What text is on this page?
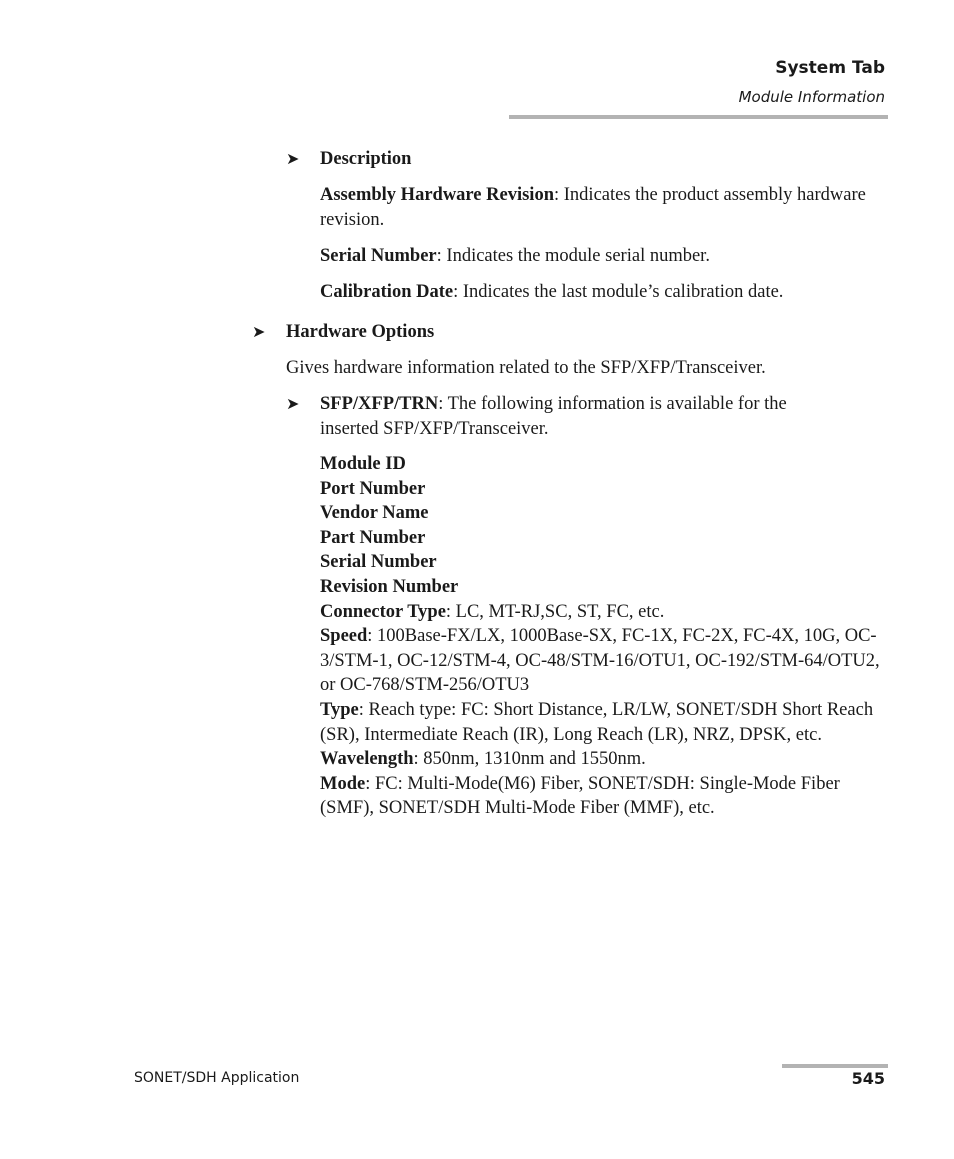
System Tab
Module Information
➤ Description
Assembly Hardware Revision: Indicates the product assembly hardware revision.
Serial Number: Indicates the module serial number.
Calibration Date: Indicates the last module’s calibration date.
➤ Hardware Options
Gives hardware information related to the SFP/XFP/Transceiver.
➤ SFP/XFP/TRN: The following information is available for the inserted SFP/XFP/Transceiver.
Module ID
Port Number
Vendor Name
Part Number
Serial Number
Revision Number
Connector Type: LC, MT-RJ,SC, ST, FC, etc.
Speed: 100Base-FX/LX, 1000Base-SX, FC-1X, FC-2X, FC-4X, 10G, OC-3/STM-1, OC-12/STM-4, OC-48/STM-16/OTU1, OC-192/STM-64/OTU2, or OC-768/STM-256/OTU3
Type: Reach type: FC: Short Distance, LR/LW, SONET/SDH Short Reach (SR), Intermediate Reach (IR), Long Reach (LR), NRZ, DPSK, etc.
Wavelength: 850nm, 1310nm and 1550nm.
Mode: FC: Multi-Mode(M6) Fiber, SONET/SDH: Single-Mode Fiber (SMF), SONET/SDH Multi-Mode Fiber (MMF), etc.
SONET/SDH Application	545
